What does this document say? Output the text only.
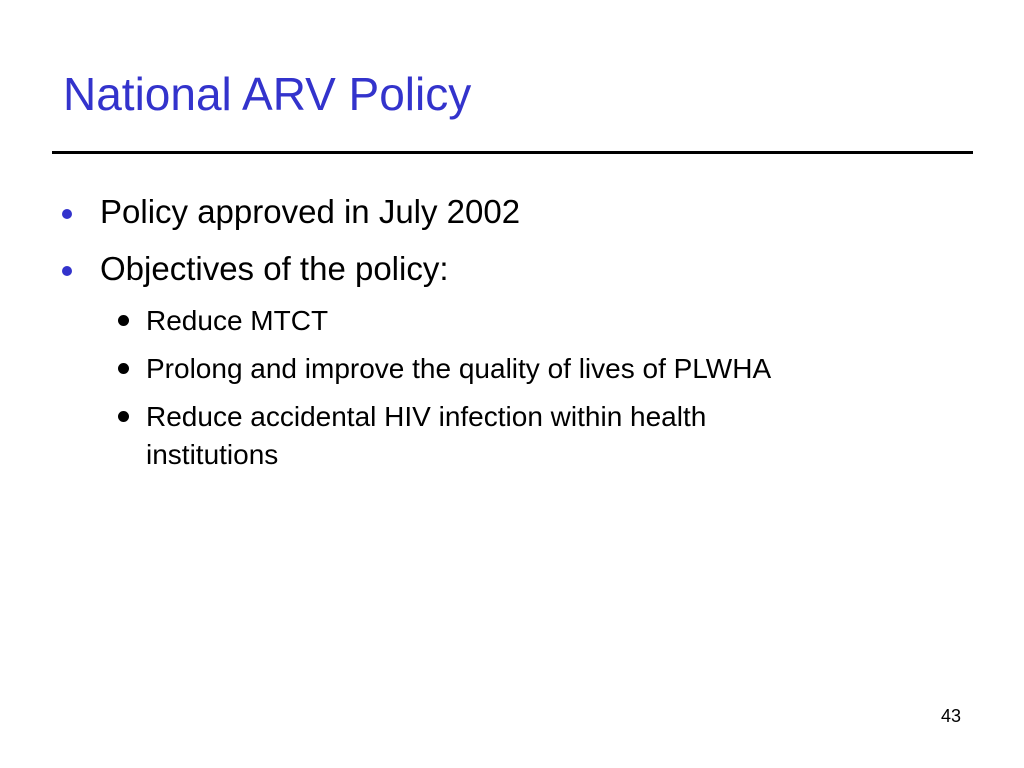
National ARV Policy
Policy approved in July 2002
Objectives of the policy:
Reduce MTCT
Prolong and improve the quality of lives of PLWHA
Reduce accidental HIV infection within health institutions
43
